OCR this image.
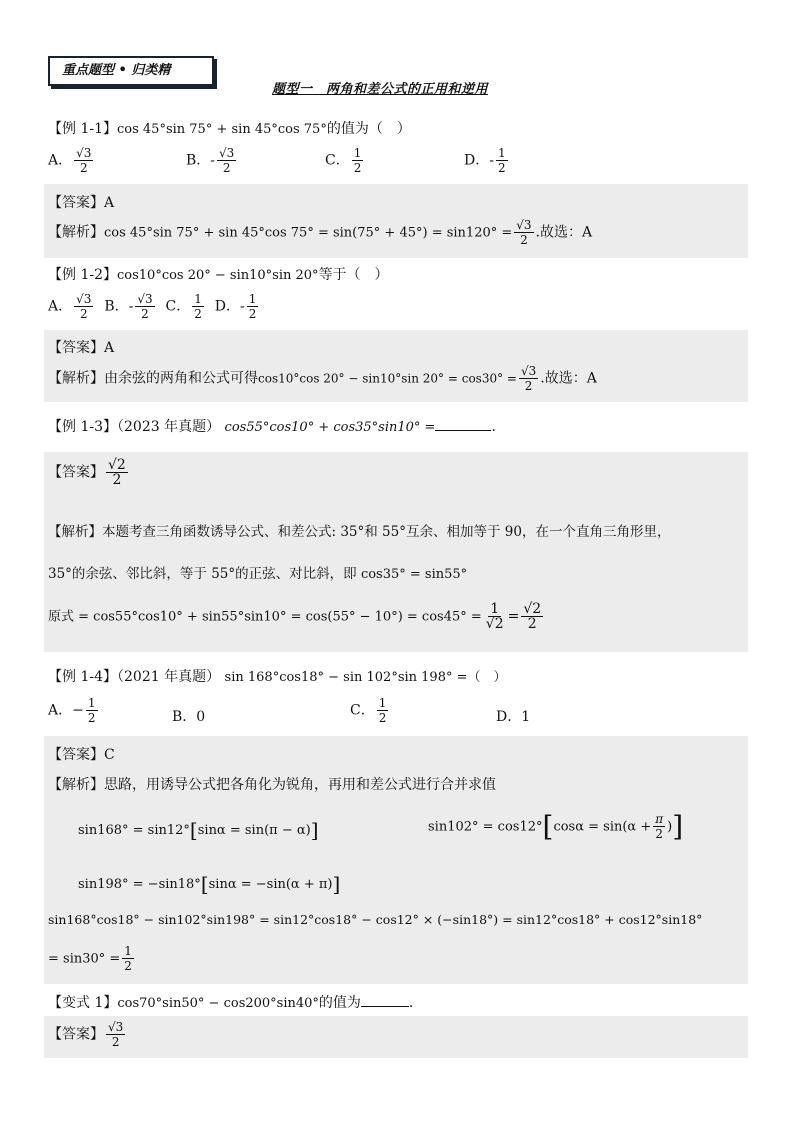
重点题型 • 归类精
题型一　两角和差公式的正用和逆用
【例 1-1】cos 45°sin 75° + sin 45°cos 75°的值为（　）
A． $\frac{√3}{2}$	B．- $\frac{√3}{2}$	C． $\frac{1}{2}$	D．- $\frac{1}{2}$
【答案】A
【解析】cos 45°sin 75° + sin 45°cos $75^\circ = \sin(75^\circ + 45^\circ) = \sin 120^\circ = \frac{√3}{2}$ .故选：A
【例 1-2】cos10°cos 20° − sin10°sin 20°等于（　）
A． $\frac{√3}{2}$ B．- $\frac{√3}{2}$ C． $\frac{1}{2}$ D．- $\frac{1}{2}$
【答案】A
【解析】由余弦的两角和公式可得cos10°cos 20° − sin10°sin $20^\circ = \cos 30^\circ = \frac{√3}{2}$ .故选：A
【例 1-3】（2023 年真题） cos55°cos10° + cos35°sin10° =	.
【答案】 $\frac{√2}{2}$
【解析】本题考查三角函数诱导公式、和差公式: 35°和 55°互余、相加等于 90，在一个直角三角形里，
35°的余弦、邻比斜，等于 55°的正弦、对比斜，即 cos35° = sin55°
原式 = $\cos 55^\circ\cos 10^\circ + \sin 55^\circ\sin 10^\circ = \cos(55^\circ - 10^\circ) = \cos 45^\circ = \frac{1}{√2} = \frac{√2}{2}$
【例 1-4】（2021 年真题） sin 168°cos18° − sin 102°sin 198° =（　）
A．− $\frac{1}{2}$	B．0	C． $\frac{1}{2}$	D．1
【答案】C
【解析】思路，用诱导公式把各角化为锐角，再用和差公式进行合并求值
sin168° = sin12°[sinα = sin(π − α)]	$\sin 102^\circ = \cos 12^\circ[\cos\alpha = \sin(\alpha + \frac{\pi}{2}$ )]
sin198° = −sin18°[sinα = −sin(α + π)]
sin168°cos18° − sin102°sin198° = sin12°cos18° − cos12° × (−sin18°) = sin12°cos18° + cos12°sin18°
= $\sin 30^\circ = \frac{1}{2}$
【变式 1】cos70°sin50° − cos200°sin40°的值为	.
【答案】 $\frac{√3}{2}$
